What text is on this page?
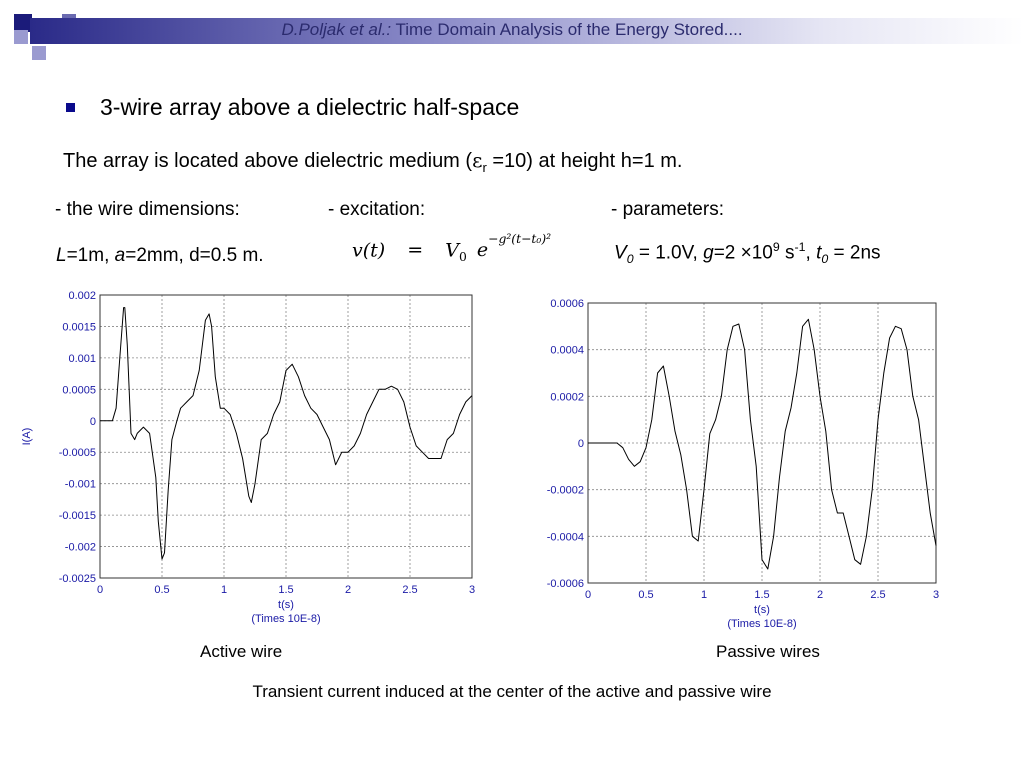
D.Poljak et al.: Time Domain Analysis of the Energy Stored....
3-wire array above a dielectric half-space
The array is located above dielectric medium $(\varepsilon_r =10)$ at height h=1 m.
- the wire dimensions:	- excitation:	- parameters:
L=1m, a=2mm, d=0.5 m.	$v(t) = V_0$ $e^{-g^2(t-t_0)^2}$
$V_0 = 1.0V$, $g=2 \times 10^9$ $s^{-1}$, $t_0 = 2ns$
0	0.5	1	1.5	2	2.5	3
0.002
0.0015
0.001
0.0005
0
-0.0005
-0.001
-0.0015
-0.002
-0.0025
t(s)
(Times 10E-8)
I(A)
0	0.5	1	1.5	2	2.5	3
0.0006
0.0004
0.0002
0
-0.0002
-0.0004
-0.0006
t(s)
(Times 10E-8)
Active wire	Passive wires
Transient current induced at the center of the active and passive wire
